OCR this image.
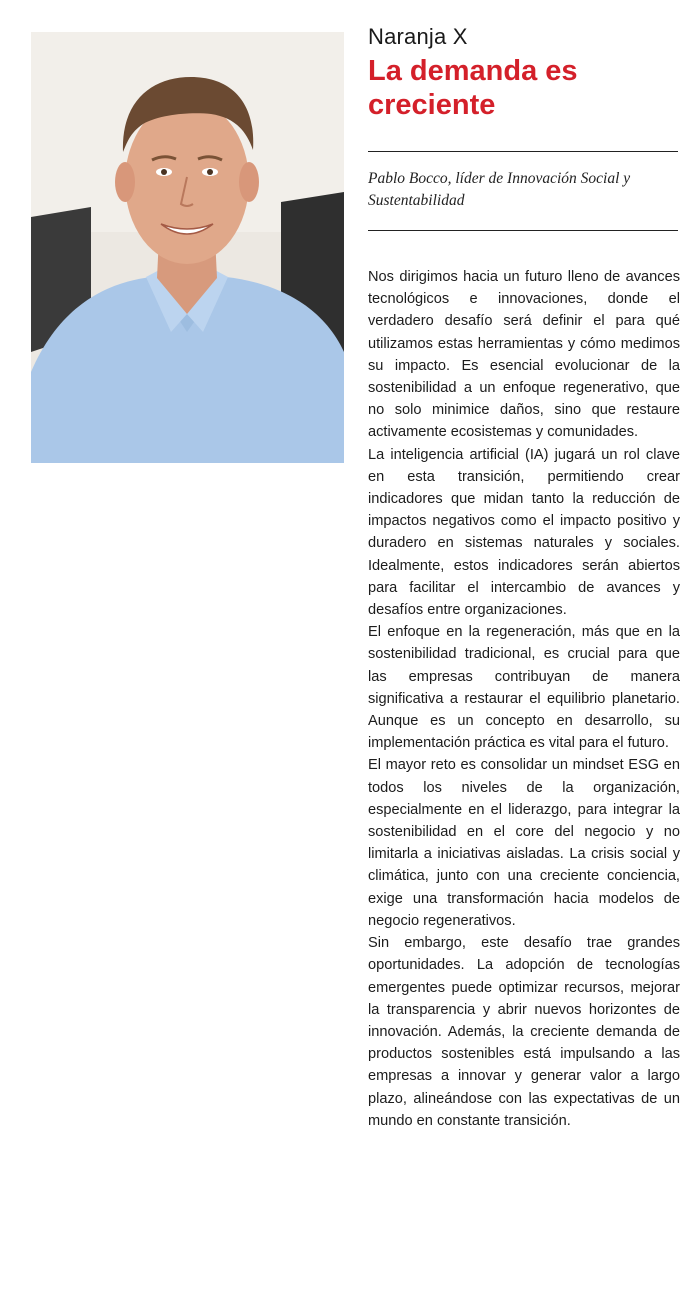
Naranja X
La demanda es creciente
Pablo Bocco, líder de Innovación Social y Sustentabilidad

Nos dirigimos hacia un futuro lleno de avances tecnológicos e innovaciones, donde el verdadero desafío será definir el para qué utilizamos estas herramientas y cómo medimos su impacto. Es esencial evolucionar de la sostenibilidad a un enfoque regenerativo, que no solo minimice daños, sino que restaure activamente ecosistemas y comunidades.

La inteligencia artificial (IA) jugará un rol clave en esta transición, permitiendo crear indicadores que midan tanto la reducción de impactos negativos como el impacto positivo y duradero en sistemas naturales y sociales. Idealmente, estos indicadores serán abiertos para facilitar el intercambio de avances y desafíos entre organizaciones.

El enfoque en la regeneración, más que en la sostenibilidad tradicional, es crucial para que las empresas contribuyan de manera significativa a restaurar el equilibrio planetario. Aunque es un concepto en desarrollo, su implementación práctica es vital para el futuro.

El mayor reto es consolidar un mindset ESG en todos los niveles de la organización, especialmente en el liderazgo, para integrar la sostenibilidad en el core del negocio y no limitarla a iniciativas aisladas. La crisis social y climática, junto con una creciente conciencia, exige una transformación hacia modelos de negocio regenerativos.

Sin embargo, este desafío trae grandes oportunidades. La adopción de tecnologías emergentes puede optimizar recursos, mejorar la transparencia y abrir nuevos horizontes de innovación. Además, la creciente demanda de productos sostenibles está impulsando a las empresas a innovar y generar valor a largo plazo, alineándose con las expectativas de un mundo en constante transición.
